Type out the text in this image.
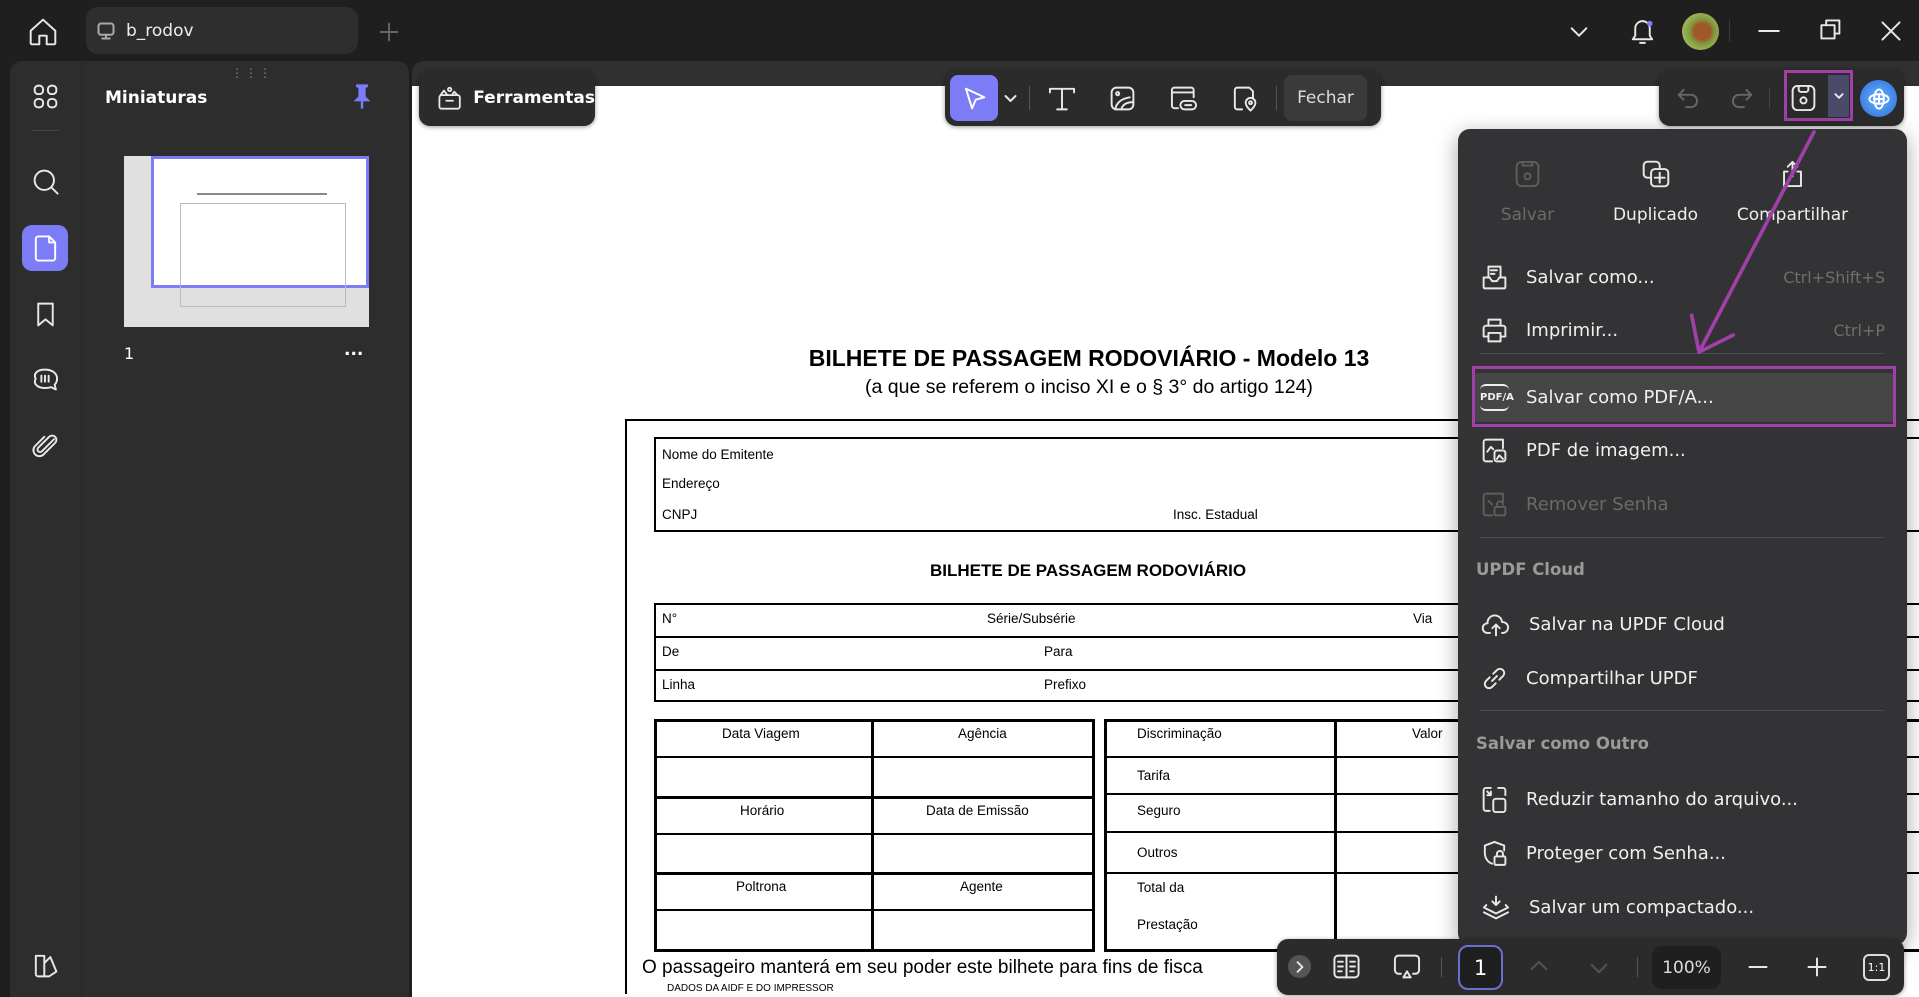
b_rodov
⋮⋮⋮
Miniaturas
1	...	BILHETE DE PASSAGEM RODOVIÁRIO - Modelo 13
(a que se referem o inciso XI e o § 3° do artigo 124)
Nome do Emitente
Endereço
CNPJ	Insc. Estadual
BILHETE DE PASSAGEM RODOVIÁRIO
N°	Série/Subsérie	Via
De	Para
Linha	Prefixo
Data Viagem	Agência
Horário	Data de Emissão
Poltrona	Agente
Discriminação	Valor
Tarifa
Seguro
Outros
Total da
Prestação
O passageiro manterá em seu poder este bilhete para fins de fisca
DADOS DA AIDF E DO IMPRESSOR
Ferramentas	Fechar
Salvar	Duplicado	Compartilhar
Salvar como...	Ctrl+Shift+S
Imprimir...	Ctrl+P
PDF/A Salvar como PDF/A...
PDF de imagem...
Remover Senha
UPDF Cloud
Salvar na UPDF Cloud
Compartilhar UPDF
Salvar como Outro
Reduzir tamanho do arquivo...
Proteger com Senha...
Salvar um compactado...
1	100%	1:1
